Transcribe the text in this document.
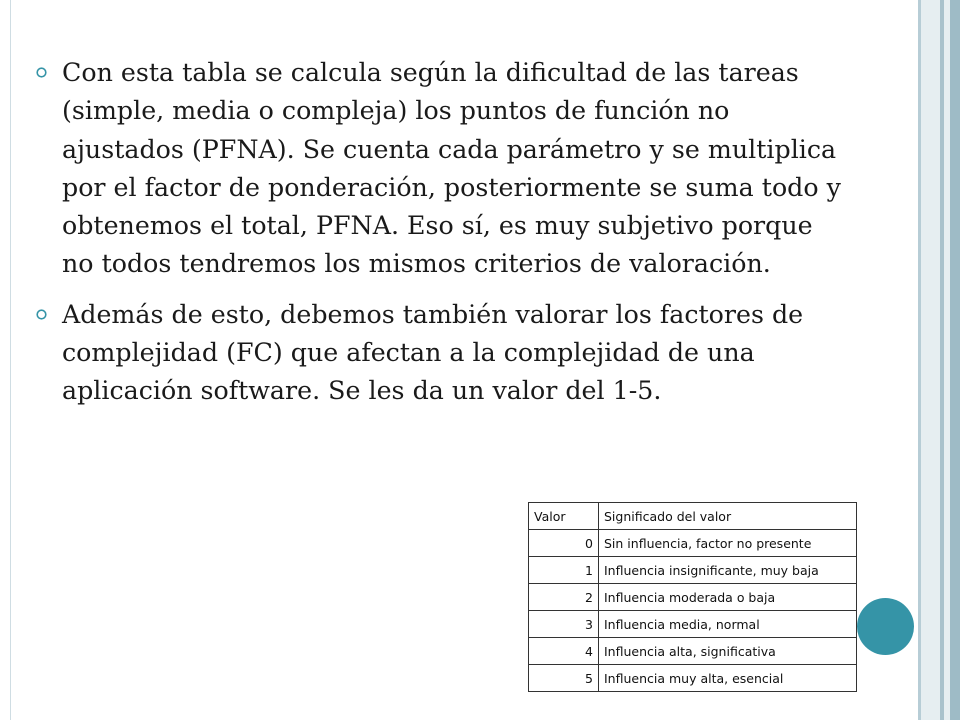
Con esta tabla se calcula según la dificultad de las tareas (simple, media o compleja) los puntos de función no ajustados (PFNA). Se cuenta cada parámetro y se multiplica por el factor de ponderación, posteriormente se suma todo y obtenemos el total, PFNA. Eso sí, es muy subjetivo porque no todos tendremos los mismos criterios de valoración.
Además de esto, debemos también valorar los factores de complejidad (FC) que afectan a la complejidad de una aplicación software. Se les da un valor del 1-5.
Valor	Significado del valor
0	Sin influencia, factor no presente
1	Influencia insignificante, muy baja
2	Influencia moderada o baja
3	Influencia media, normal
4	Influencia alta, significativa
5	Influencia muy alta, esencial
